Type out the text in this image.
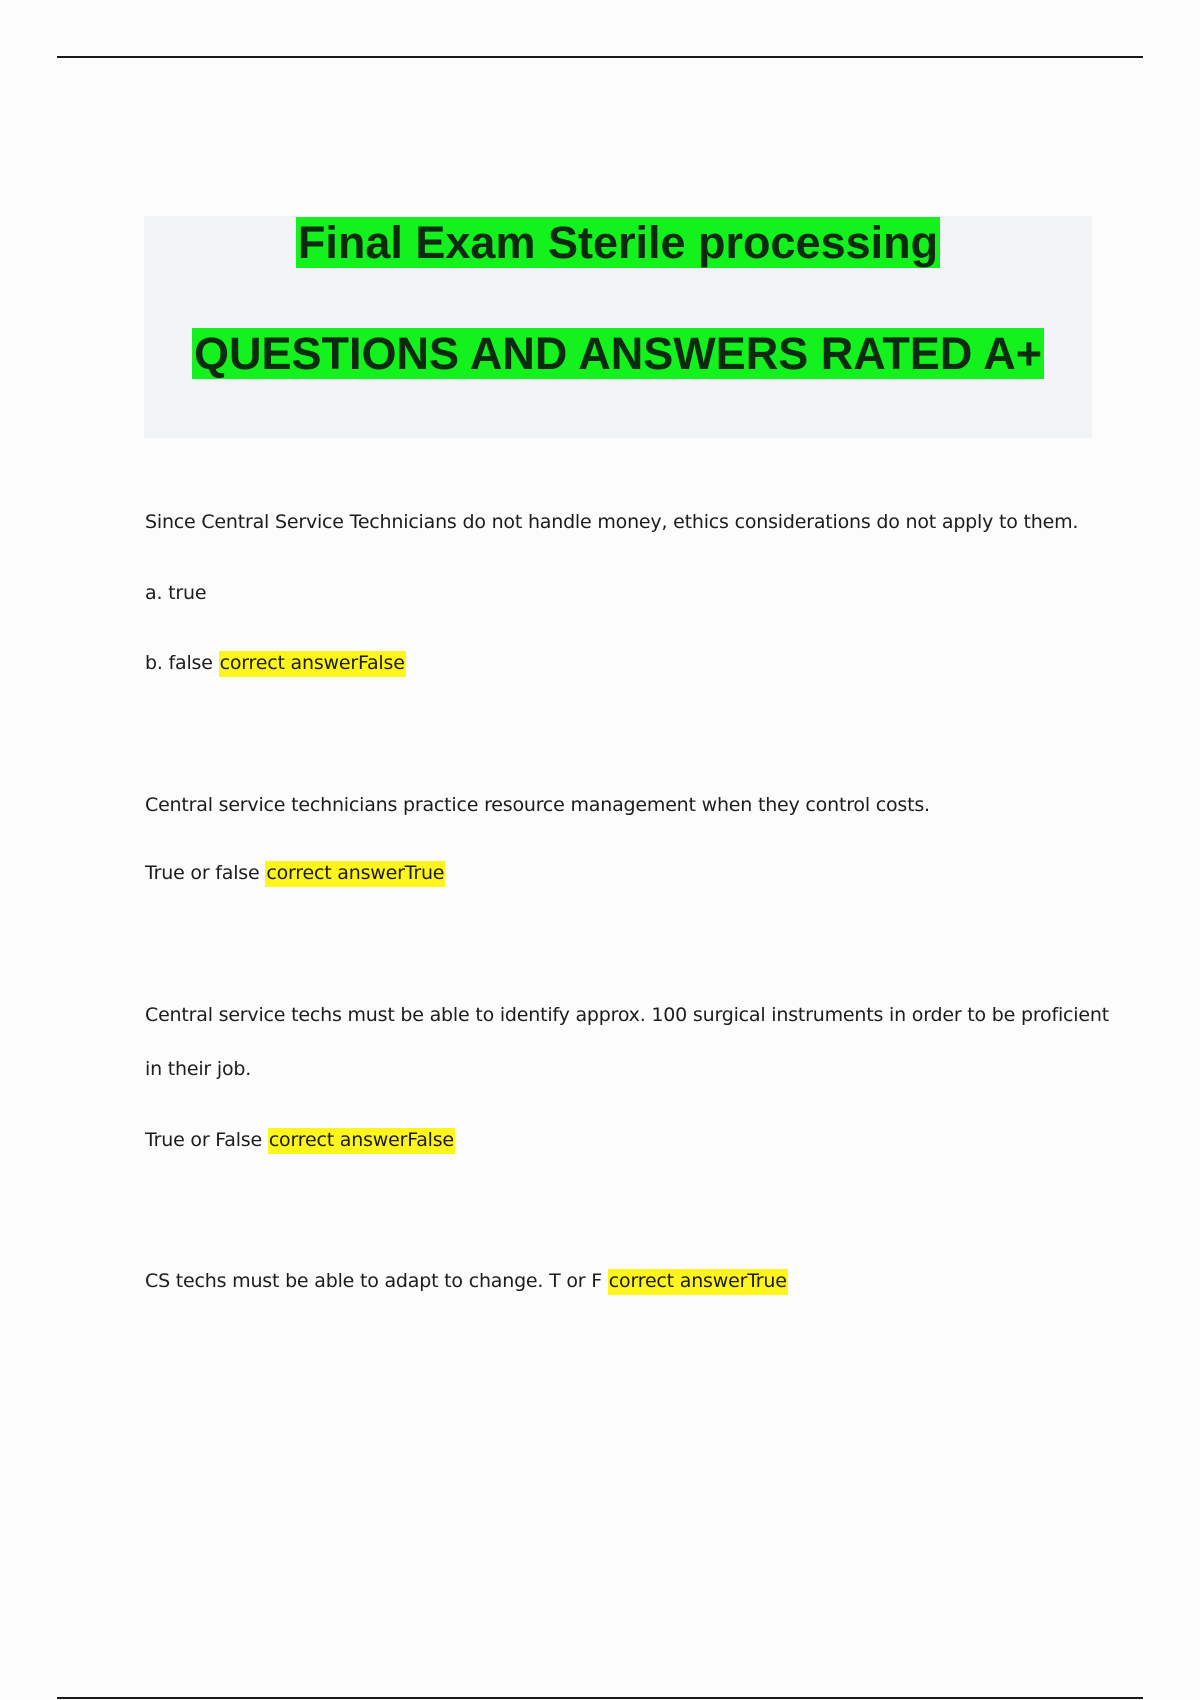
Final Exam Sterile processing
QUESTIONS AND ANSWERS RATED A+
Since Central Service Technicians do not handle money, ethics considerations do not apply to them.
a. true
b. false correct answerFalse
Central service technicians practice resource management when they control costs.
True or false correct answerTrue
Central service techs must be able to identify approx. 100 surgical instruments in order to be proficient
in their job.
True or False correct answerFalse
CS techs must be able to adapt to change. T or F correct answerTrue
